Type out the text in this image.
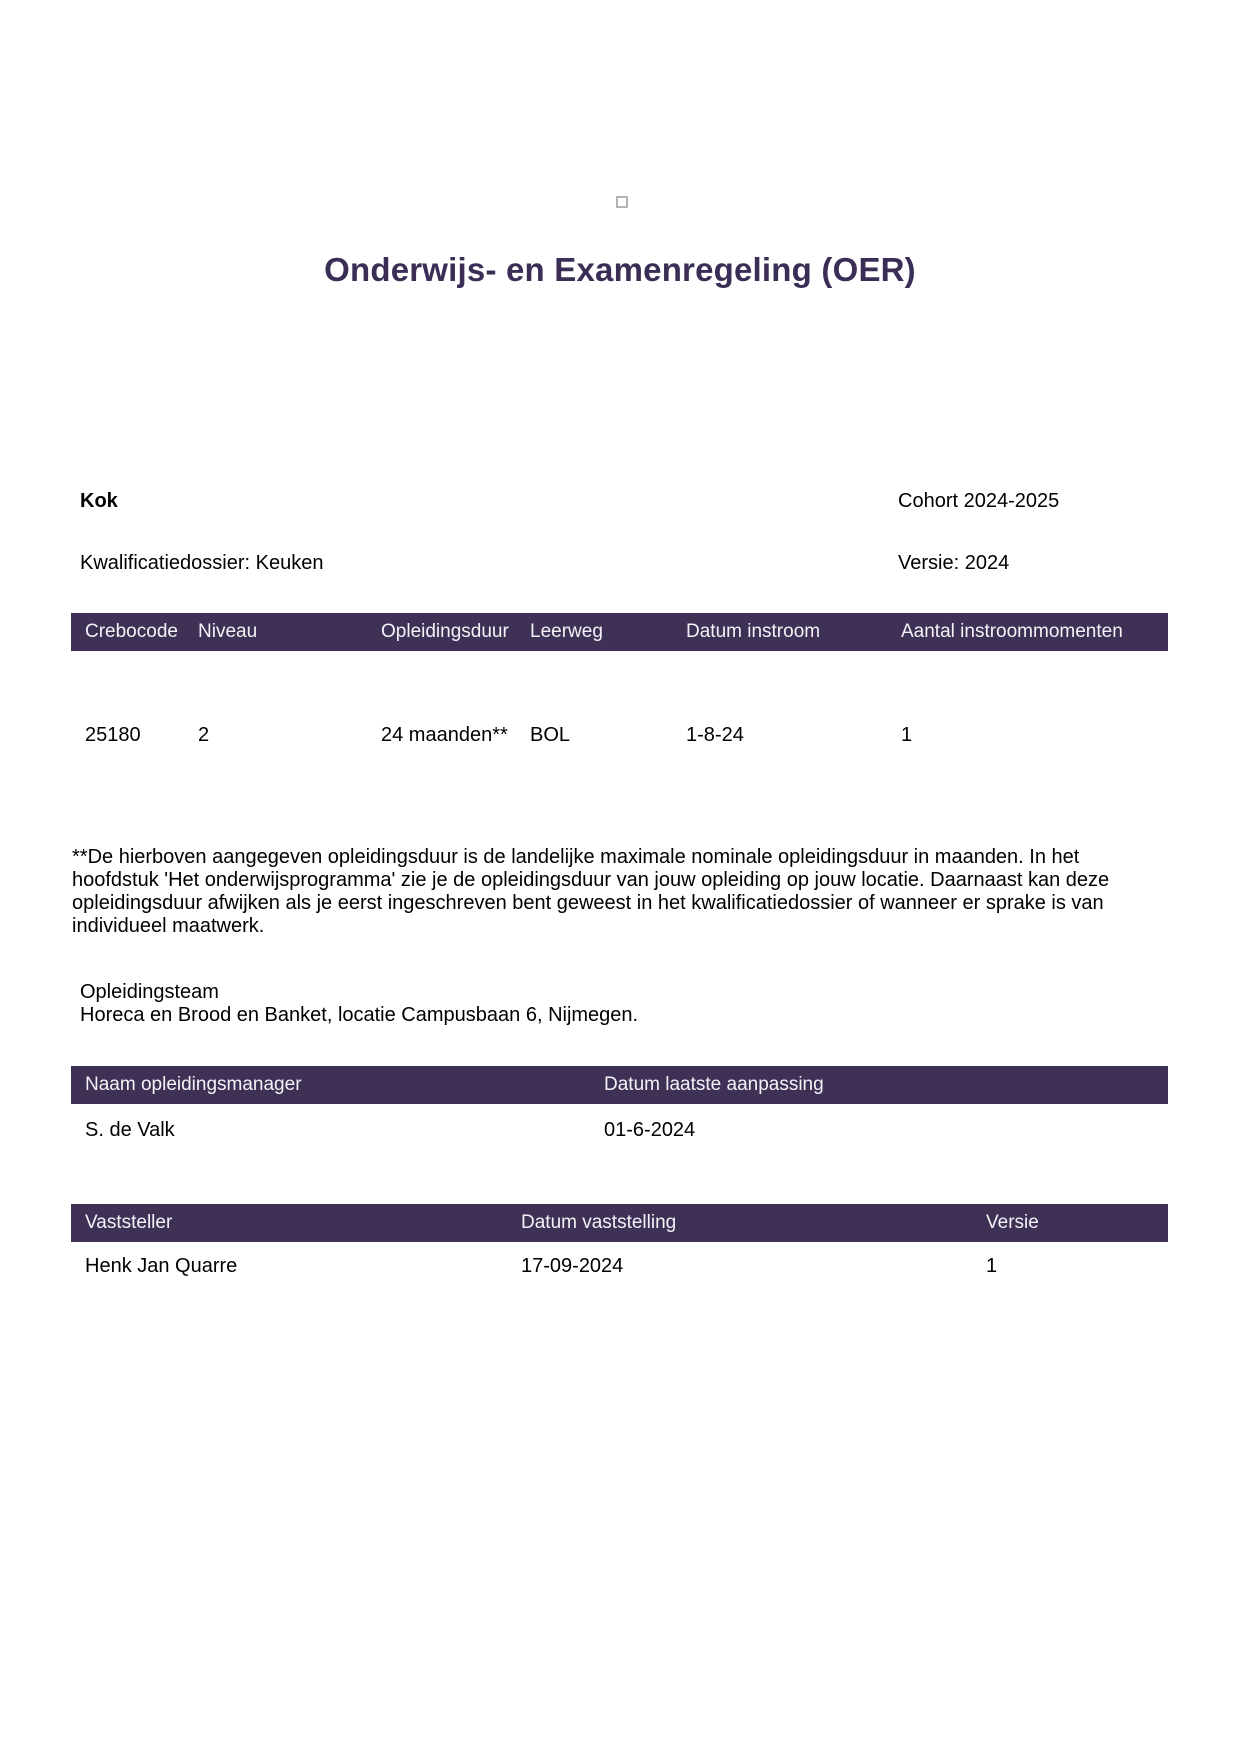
Onderwijs- en Examenregeling (OER)
Kok	Cohort 2024-2025
Kwalificatiedossier: Keuken	Versie: 2024
Crebocode	Niveau	Opleidingsduur	Leerweg	Datum instroom	Aantal instroommomenten
25180	2	24 maanden**	BOL	1-8-24	1
**De hierboven aangegeven opleidingsduur is de landelijke maximale nominale opleidingsduur in maanden. In het hoofdstuk 'Het onderwijsprogramma' zie je de opleidingsduur van jouw opleiding op jouw locatie. Daarnaast kan deze opleidingsduur afwijken als je eerst ingeschreven bent geweest in het kwalificatiedossier of wanneer er sprake is van individueel maatwerk.
Opleidingsteam
Horeca en Brood en Banket, locatie Campusbaan 6, Nijmegen.
Naam opleidingsmanager	Datum laatste aanpassing
S. de Valk	01-6-2024
Vaststeller	Datum vaststelling	Versie
Henk Jan Quarre	17-09-2024	1
